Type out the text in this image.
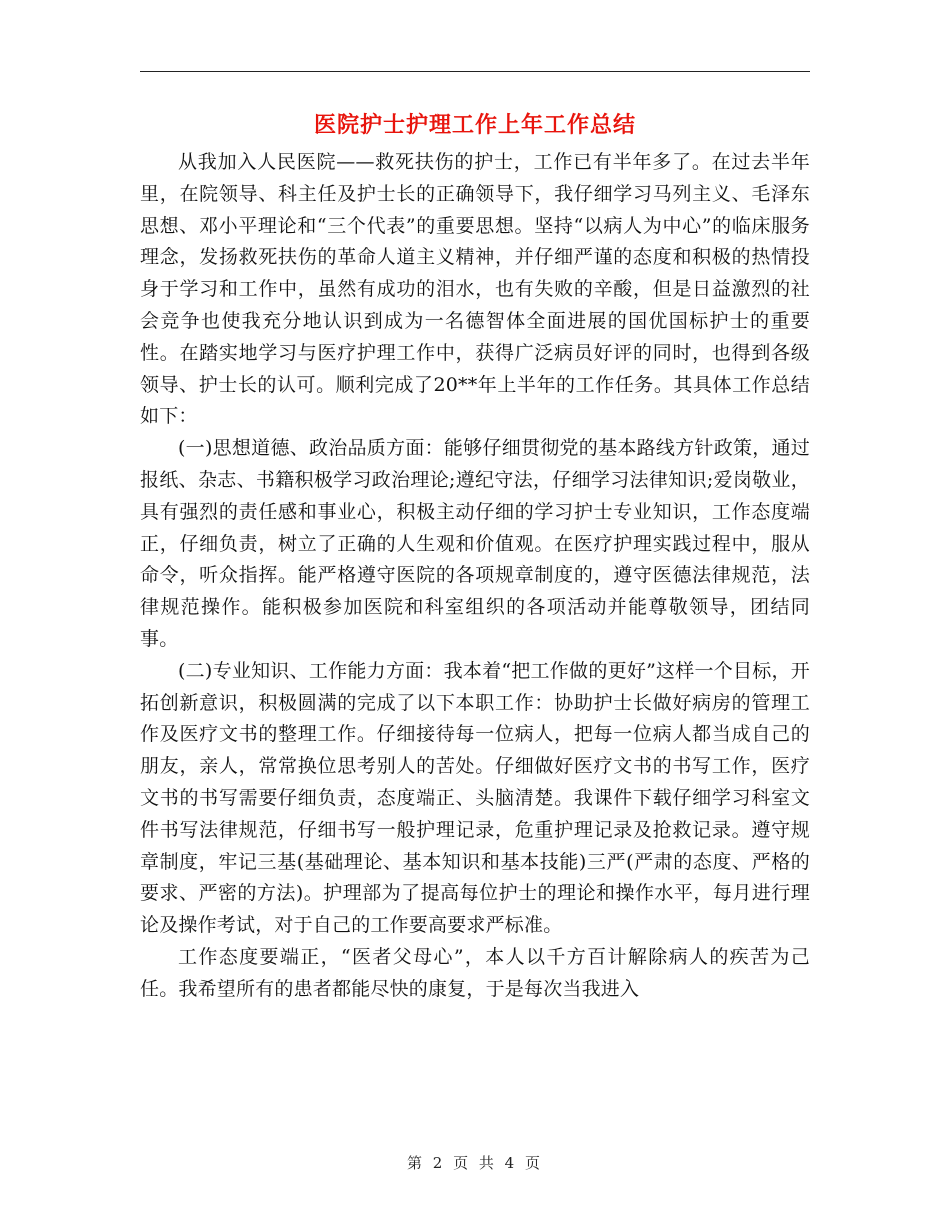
医院护士护理工作上年工作总结

从我加入人民医院——救死扶伤的护士，工作已有半年多了。在过去半年里，在院领导、科主任及护士长的正确领导下，我仔细学习马列主义、毛泽东思想、邓小平理论和“三个代表”的重要思想。坚持“以病人为中心”的临床服务理念，发扬救死扶伤的革命人道主义精神，并仔细严谨的态度和积极的热情投身于学习和工作中，虽然有成功的泪水，也有失败的辛酸，但是日益激烈的社会竞争也使我充分地认识到成为一名德智体全面进展的国优国标护士的重要性。在踏实地学习与医疗护理工作中，获得广泛病员好评的同时，也得到各级领导、护士长的认可。顺利完成了20**年上半年的工作任务。其具体工作总结如下：

(一)思想道德、政治品质方面：能够仔细贯彻党的基本路线方针政策，通过报纸、杂志、书籍积极学习政治理论;遵纪守法，仔细学习法律知识;爱岗敬业，具有强烈的责任感和事业心，积极主动仔细的学习护士专业知识，工作态度端正，仔细负责，树立了正确的人生观和价值观。在医疗护理实践过程中，服从命令，听众指挥。能严格遵守医院的各项规章制度的，遵守医德法律规范，法律规范操作。能积极参加医院和科室组织的各项活动并能尊敬领导，团结同事。

(二)专业知识、工作能力方面：我本着“把工作做的更好”这样一个目标，开拓创新意识，积极圆满的完成了以下本职工作：协助护士长做好病房的管理工作及医疗文书的整理工作。仔细接待每一位病人，把每一位病人都当成自己的朋友，亲人，常常换位思考别人的苦处。仔细做好医疗文书的书写工作，医疗文书的书写需要仔细负责，态度端正、头脑清楚。我课件下载仔细学习科室文件书写法律规范，仔细书写一般护理记录，危重护理记录及抢救记录。遵守规章制度，牢记三基(基础理论、基本知识和基本技能)三严(严肃的态度、严格的要求、严密的方法)。护理部为了提高每位护士的理论和操作水平，每月进行理论及操作考试，对于自己的工作要高要求严标准。

工作态度要端正，“医者父母心”，本人以千方百计解除病人的疾苦为己任。我希望所有的患者都能尽快的康复，于是每次当我进入

第 2 页 共 4 页
